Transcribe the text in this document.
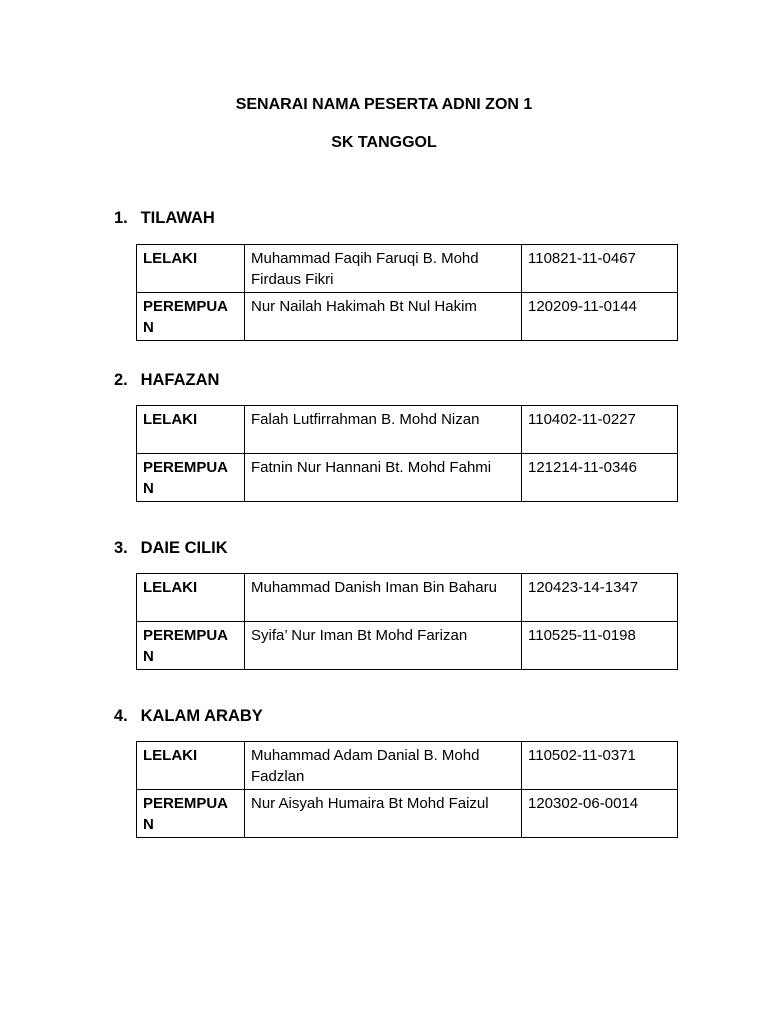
SENARAI NAMA PESERTA ADNI ZON 1
SK TANGGOL
1. TILAWAH
LELAKI	Muhammad Faqih Faruqi B. Mohd Firdaus Fikri	110821-11-0467
PEREMPUA N	Nur Nailah Hakimah Bt Nul Hakim	120209-11-0144
2. HAFAZAN
LELAKI	Falah Lutfirrahman B. Mohd Nizan	110402-11-0227
PEREMPUA N	Fatnin Nur Hannani Bt. Mohd Fahmi	121214-11-0346
3. DAIE CILIK
LELAKI	Muhammad Danish Iman Bin Baharu	120423-14-1347
PEREMPUA N	Syifa’ Nur Iman Bt Mohd Farizan	110525-11-0198
4. KALAM ARABY
LELAKI	Muhammad Adam Danial B. Mohd Fadzlan	110502-11-0371
PEREMPUA N	Nur Aisyah Humaira Bt Mohd Faizul	120302-06-0014
